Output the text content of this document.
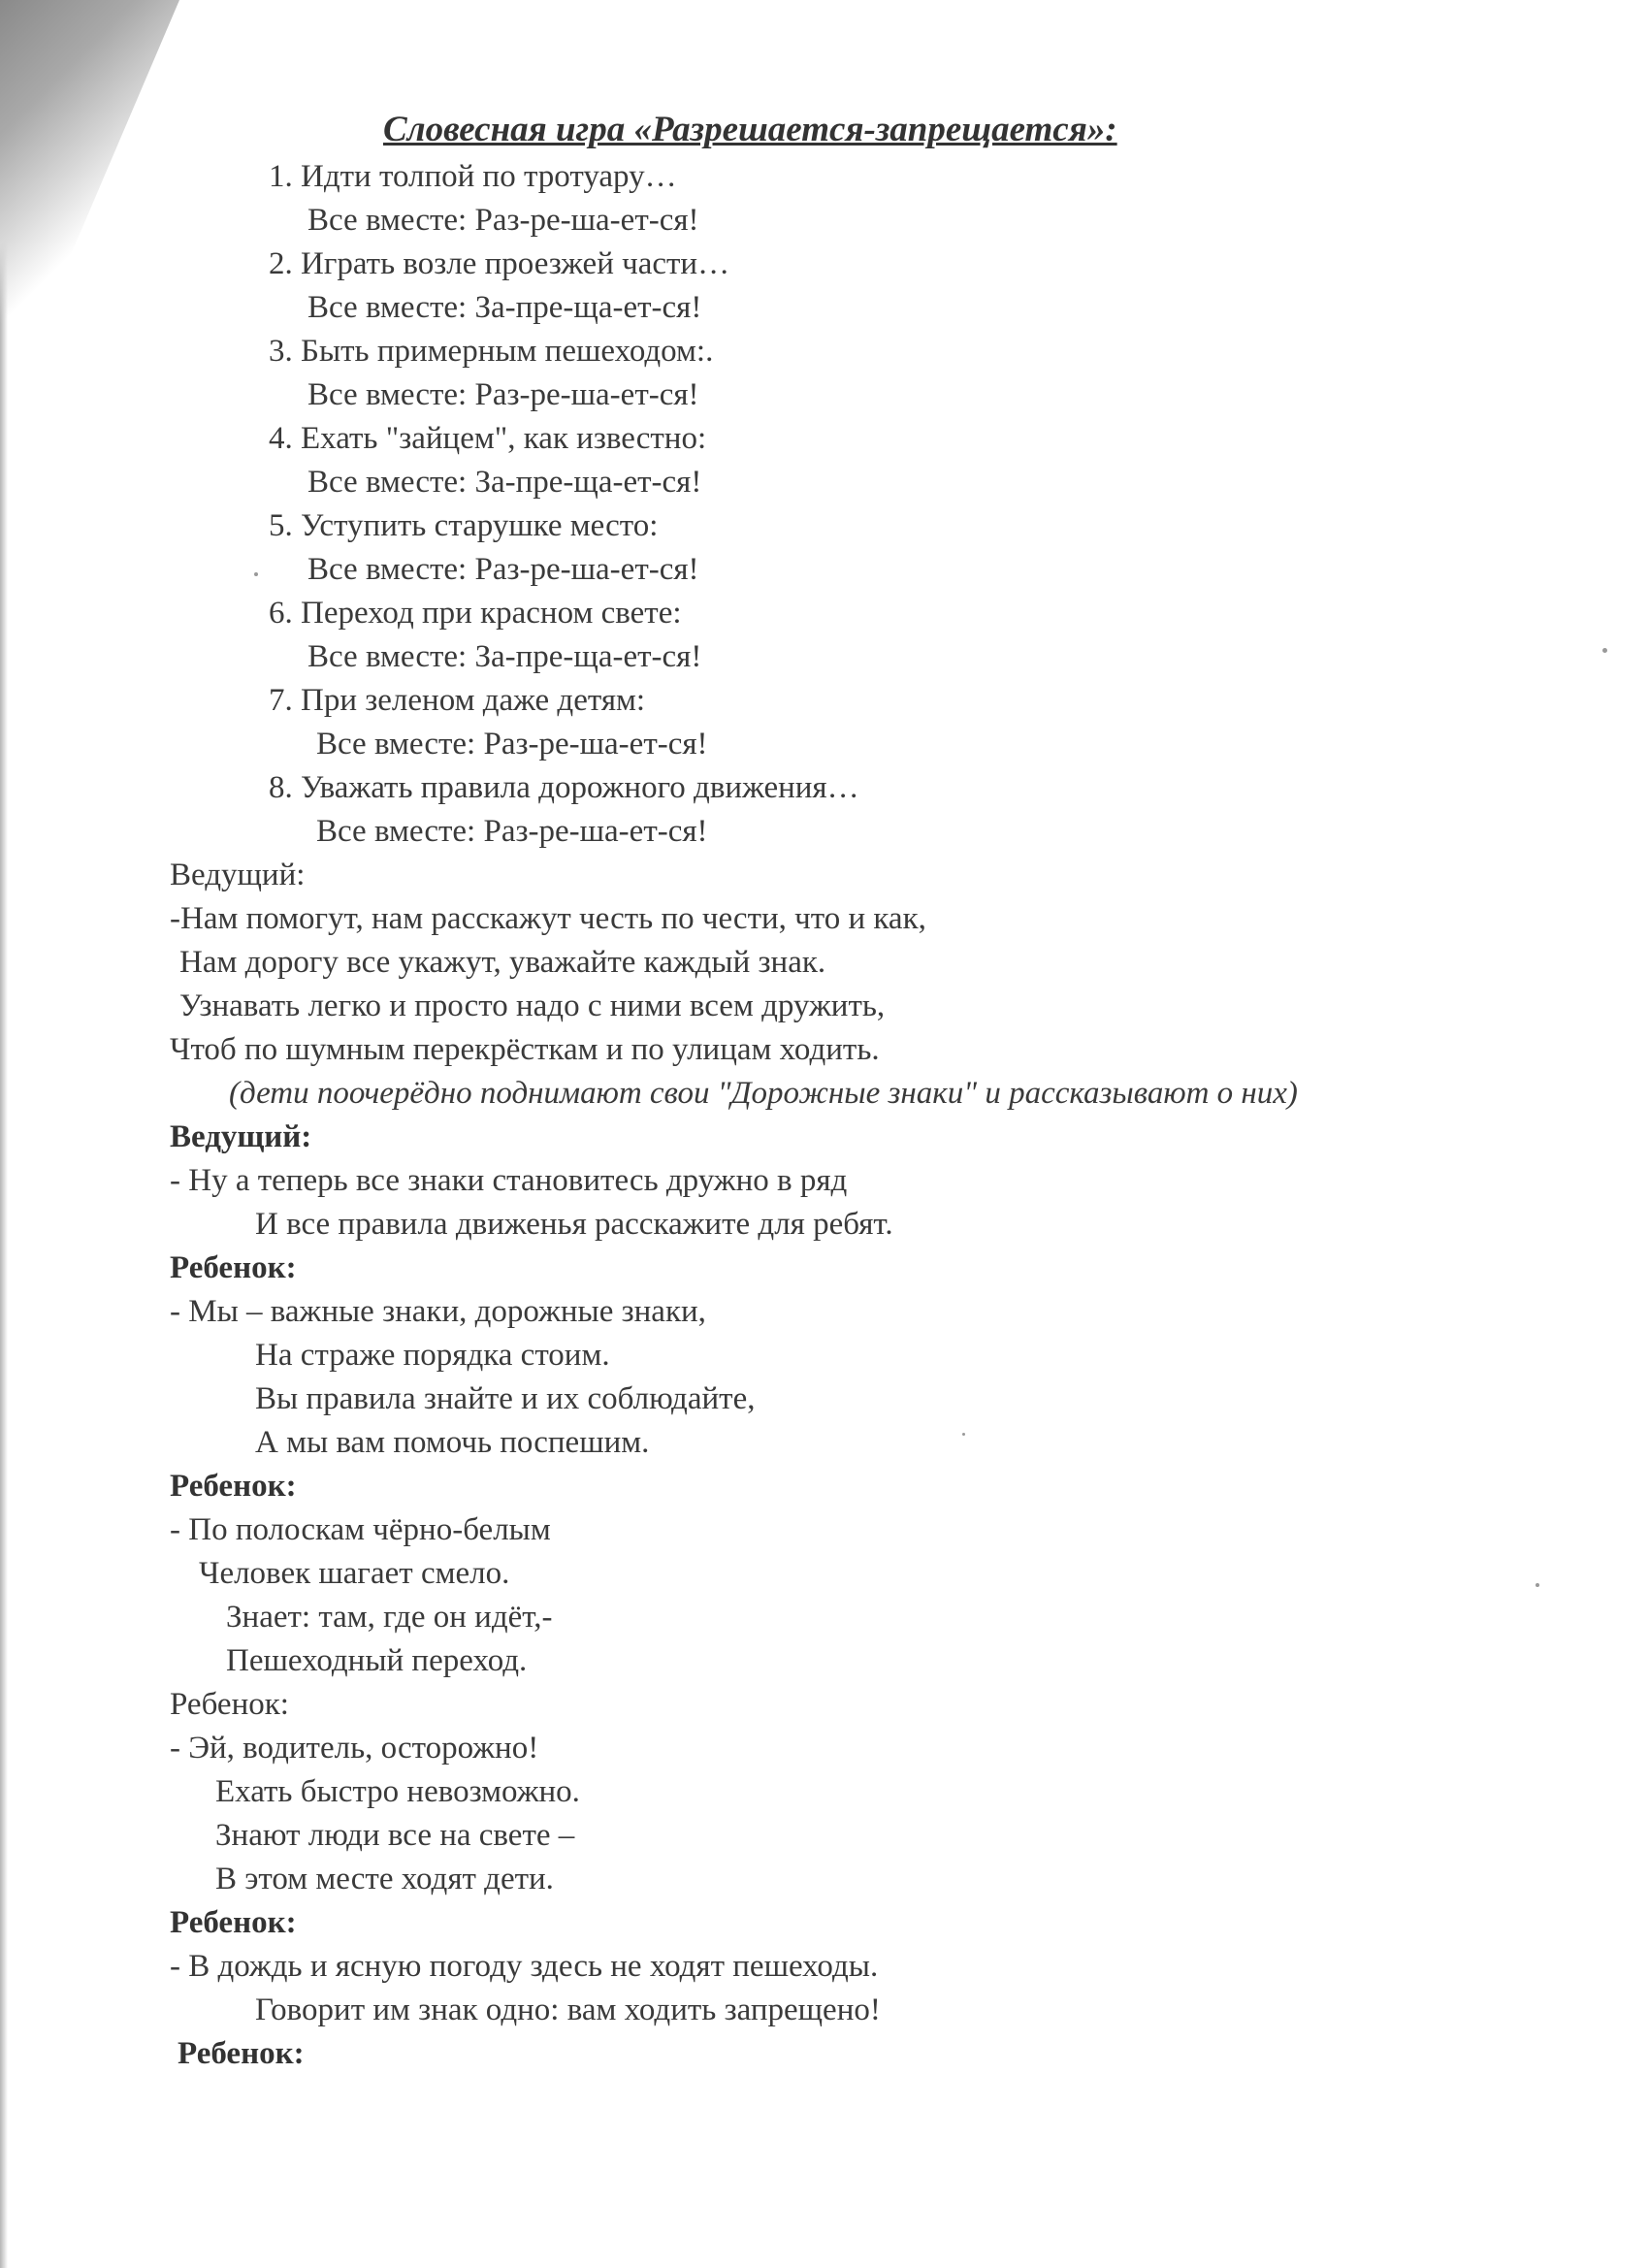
Словесная игра «Разрешается-запрещается»:
1. Идти толпой по тротуару…
Все вместе: Раз-ре-ша-ет-ся!
2. Играть возле проезжей части…
Все вместе: За-пре-ща-ет-ся!
3. Быть примерным пешеходом:.
Все вместе: Раз-ре-ша-ет-ся!
4. Ехать "зайцем", как известно:
Все вместе: За-пре-ща-ет-ся!
5. Уступить старушке место:
Все вместе: Раз-ре-ша-ет-ся!
6. Переход при красном свете:
Все вместе: За-пре-ща-ет-ся!
7. При зеленом даже детям:
Все вместе: Раз-ре-ша-ет-ся!
8. Уважать правила дорожного движения…
Все вместе: Раз-ре-ша-ет-ся!
Ведущий:
-Нам помогут, нам расскажут честь по чести, что и как,
Нам дорогу все укажут, уважайте каждый знак.
Узнавать легко и просто надо с ними всем дружить,
Чтоб по шумным перекрёсткам и по улицам ходить.
(дети поочерёдно поднимают свои "Дорожные знаки" и рассказывают о них)
Ведущий:
- Ну а теперь все знаки становитесь дружно в ряд
И все правила движенья расскажите для ребят.
Ребенок:
- Мы – важные знаки, дорожные знаки,
На страже порядка стоим.
Вы правила знайте и их соблюдайте,
А мы вам помочь поспешим.
Ребенок:
- По полоскам чёрно-белым
Человек шагает смело.
Знает: там, где он идёт,-
Пешеходный переход.
Ребенок:
- Эй, водитель, осторожно!
Ехать быстро невозможно.
Знают люди все на свете –
В этом месте ходят дети.
Ребенок:
- В дождь и ясную погоду здесь не ходят пешеходы.
Говорит им знак одно: вам ходить запрещено!
Ребенок:
